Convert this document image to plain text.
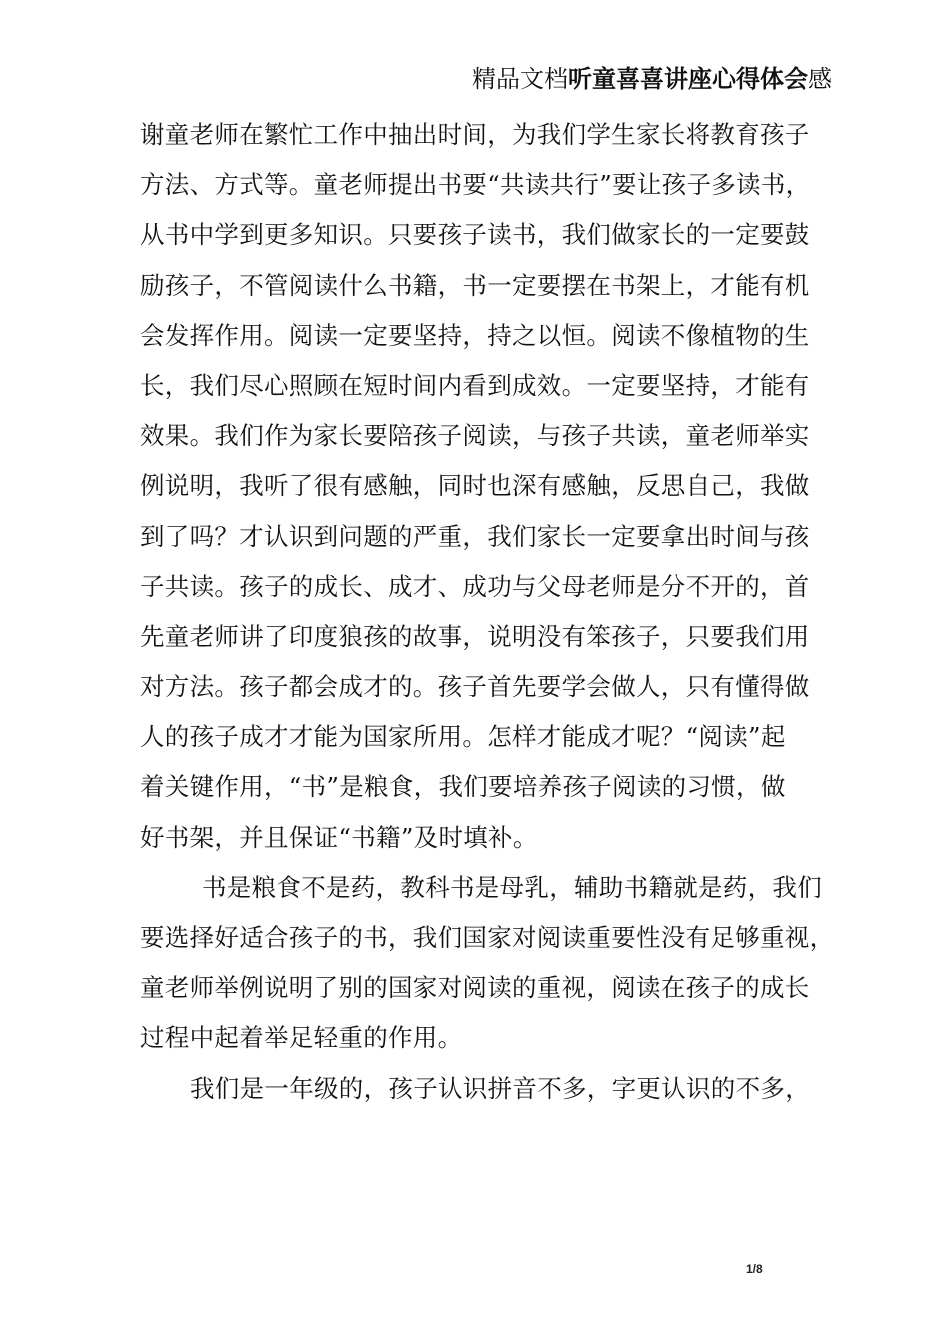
精品文档听童喜喜讲座心得体会感
谢童老师在繁忙工作中抽出时间，为我们学生家长将教育孩子
方法、方式等。童老师提出书要“共读共行”要让孩子多读书，
从书中学到更多知识。只要孩子读书，我们做家长的一定要鼓
励孩子，不管阅读什么书籍，书一定要摆在书架上，才能有机
会发挥作用。阅读一定要坚持，持之以恒。阅读不像植物的生
长，我们尽心照顾在短时间内看到成效。一定要坚持，才能有
效果。我们作为家长要陪孩子阅读，与孩子共读，童老师举实
例说明，我听了很有感触，同时也深有感触，反思自己，我做
到了吗？才认识到问题的严重，我们家长一定要拿出时间与孩
子共读。孩子的成长、成才、成功与父母老师是分不开的，首
先童老师讲了印度狼孩的故事，说明没有笨孩子，只要我们用
对方法。孩子都会成才的。孩子首先要学会做人，只有懂得做
人的孩子成才才能为国家所用。怎样才能成才呢？“阅读”起
着关键作用，“书”是粮食，我们要培养孩子阅读的习惯，做
好书架，并且保证“书籍”及时填补。
书是粮食不是药，教科书是母乳，辅助书籍就是药，我们
要选择好适合孩子的书，我们国家对阅读重要性没有足够重视，
童老师举例说明了别的国家对阅读的重视，阅读在孩子的成长
过程中起着举足轻重的作用。
我们是一年级的，孩子认识拼音不多，字更认识的不多，
1/8
